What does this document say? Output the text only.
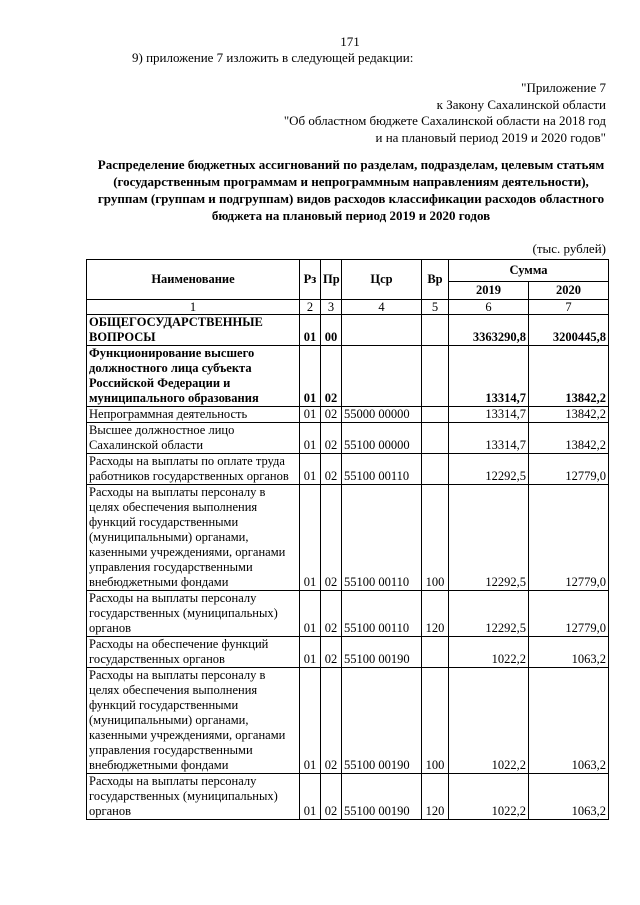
171
9) приложение 7 изложить в следующей редакции:
"Приложение 7
к Закону Сахалинской области
"Об областном бюджете Сахалинской области на 2018 год
и на плановый период 2019 и 2020 годов"
Распределение бюджетных ассигнований по разделам, подразделам, целевым статьям (государственным программам и непрограммным направлениям деятельности), группам (группам и подгруппам) видов расходов классификации расходов областного бюджета на плановый период 2019 и 2020 годов
(тыс. рублей)
Наименование	Рз	Пр	Цср	Вр	Сумма	
					2019	2020
1	2	3	4	5	6	7
ОБЩЕГОСУДАРСТВЕННЫЕ ВОПРОСЫ	01	00			3363290,8	3200445,8
Функционирование высшего должностного лица субъекта Российской Федерации и муниципального образования	01	02			13314,7	13842,2
Непрограммная деятельность	01	02	55000 00000		13314,7	13842,2
Высшее должностное лицо Сахалинской области	01	02	55100 00000		13314,7	13842,2
Расходы на выплаты по оплате труда работников государственных органов	01	02	55100 00110		12292,5	12779,0
Расходы на выплаты персоналу в целях обеспечения выполнения функций государственными (муниципальными) органами, казенными учреждениями, органами управления государственными внебюджетными фондами	01	02	55100 00110	100	12292,5	12779,0
Расходы на выплаты персоналу государственных (муниципальных) органов	01	02	55100 00110	120	12292,5	12779,0
Расходы на обеспечение функций государственных органов	01	02	55100 00190		1022,2	1063,2
Расходы на выплаты персоналу в целях обеспечения выполнения функций государственными (муниципальными) органами, казенными учреждениями, органами управления государственными внебюджетными фондами	01	02	55100 00190	100	1022,2	1063,2
Расходы на выплаты персоналу государственных (муниципальных) органов	01	02	55100 00190	120	1022,2	1063,2
